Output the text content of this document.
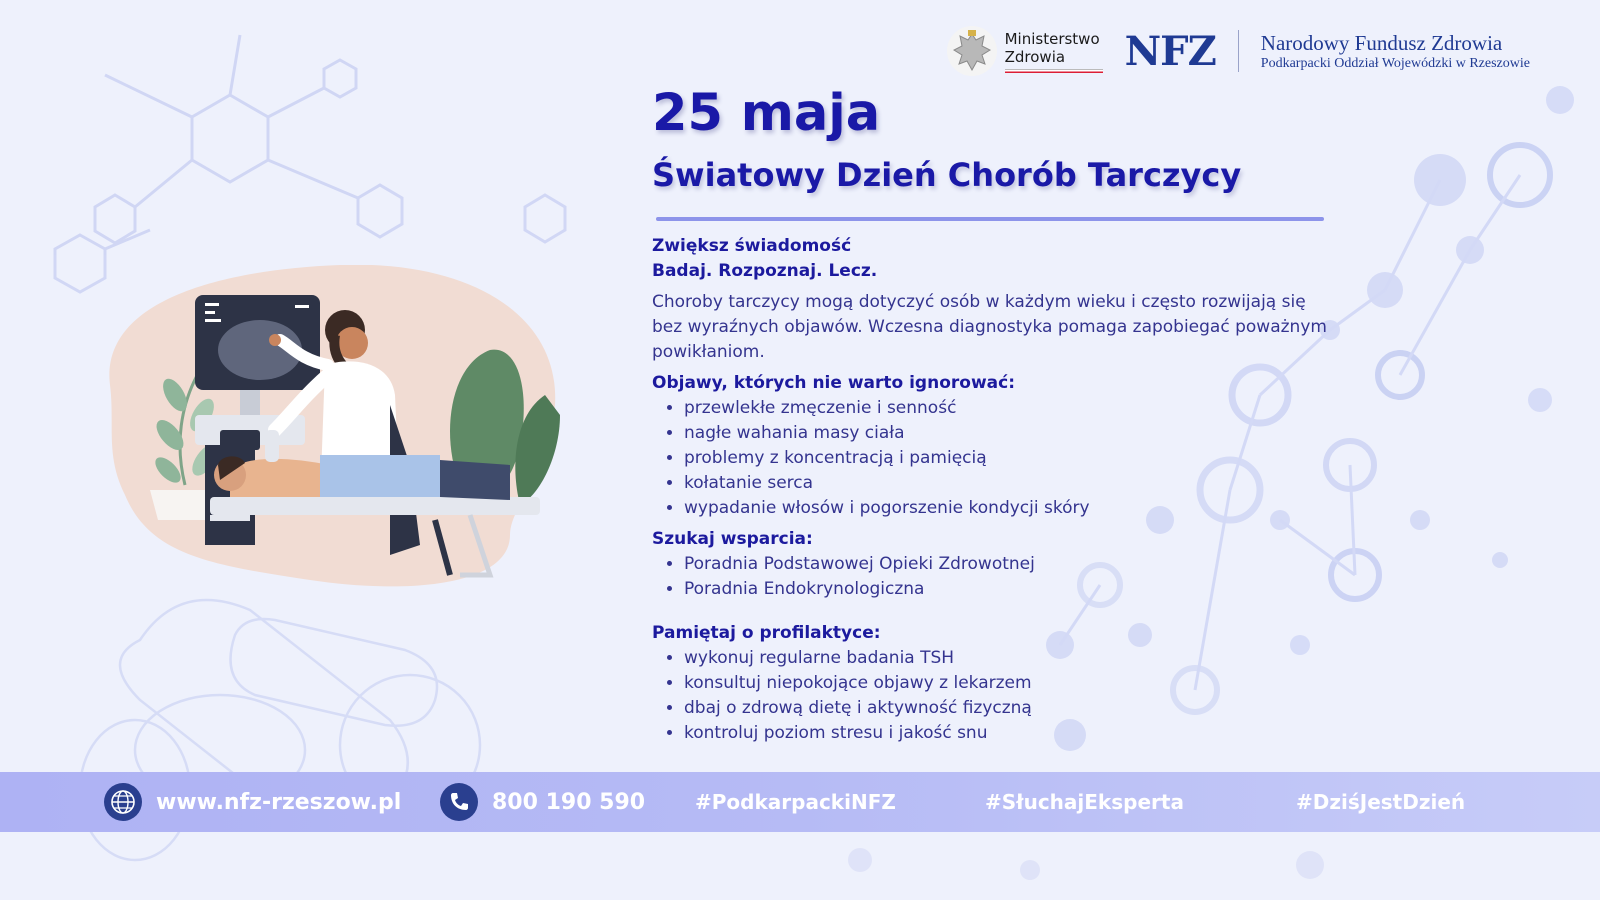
Ministerstwo
Zdrowia	NFZ Narodowy Fundusz Zdrowia
Podkarpacki Oddział Wojewódzki w Rzeszowie
25 maja
Światowy Dzień Chorób Tarczycy
Zwiększ świadomość
Badaj. Rozpoznaj. Lecz.
Choroby tarczycy mogą dotyczyć osób w każdym wieku i często rozwijają się bez wyraźnych objawów. Wczesna diagnostyka pomaga zapobiegać poważnym powikłaniom.
Objawy, których nie warto ignorować:
• przewlekłe zmęczenie i senność
• nagłe wahania masy ciała
• problemy z koncentracją i pamięcią
• kołatanie serca
• wypadanie włosów i pogorszenie kondycji skóry
Szukaj wsparcia:
• Poradnia Podstawowej Opieki Zdrowotnej
• Poradnia Endokrynologiczna
Pamiętaj o profilaktyce:
• wykonuj regularne badania TSH
• konsultuj niepokojące objawy z lekarzem
• dbaj o zdrową dietę i aktywność fizyczną
• kontroluj poziom stresu i jakość snu
www.nfz-rzeszow.pl	800 190 590 #PodkarpackiNFZ	#SłuchajEksperta	#DziśJestDzień
